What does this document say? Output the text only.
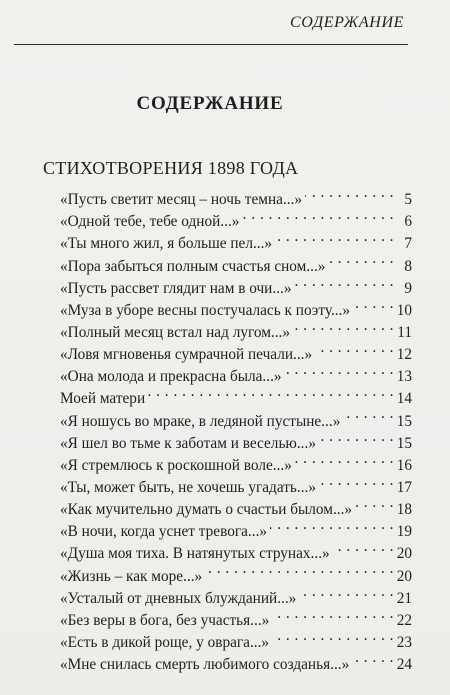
СОДЕРЖАНИЕ
СОДЕРЖАНИЕ
СТИХОТВОРЕНИЯ 1898 ГОДА
«Пусть светит месяц – ночь темна...» . . .	5
«Одной тебе, тебе одной...» . . .	6
«Ты много жил, я больше пел...» . . .	7
«Пора забыться полным счастья сном...» . . .	8
«Пусть рассвет глядит нам в очи...» . . .	9
«Муза в уборе весны постучалась к поэту...» . . .	10
«Полный месяц встал над лугом...» . . .	11
«Ловя мгновенья сумрачной печали...» . . .	12
«Она молода и прекрасна была...» . . .	13
Моей матери . . .	14
«Я ношусь во мраке, в ледяной пустыне...» . . .	15
«Я шел во тьме к заботам и веселью...» . . .	15
«Я стремлюсь к роскошной воле...» . . .	16
«Ты, может быть, не хочешь угадать...» . . .	17
«Как мучительно думать о счастьи былом...» . . .	18
«В ночи, когда уснет тревога...» . . .	19
«Душа моя тиха. В натянутых струнах...» . . .	20
«Жизнь – как море...» . . .	20
«Усталый от дневных блужданий...» . . .	21
«Без веры в бога, без участья...» . . .	22
«Есть в дикой роще, у оврага...» . . .	23
«Мне снилась смерть любимого созданья...» . . .	24
